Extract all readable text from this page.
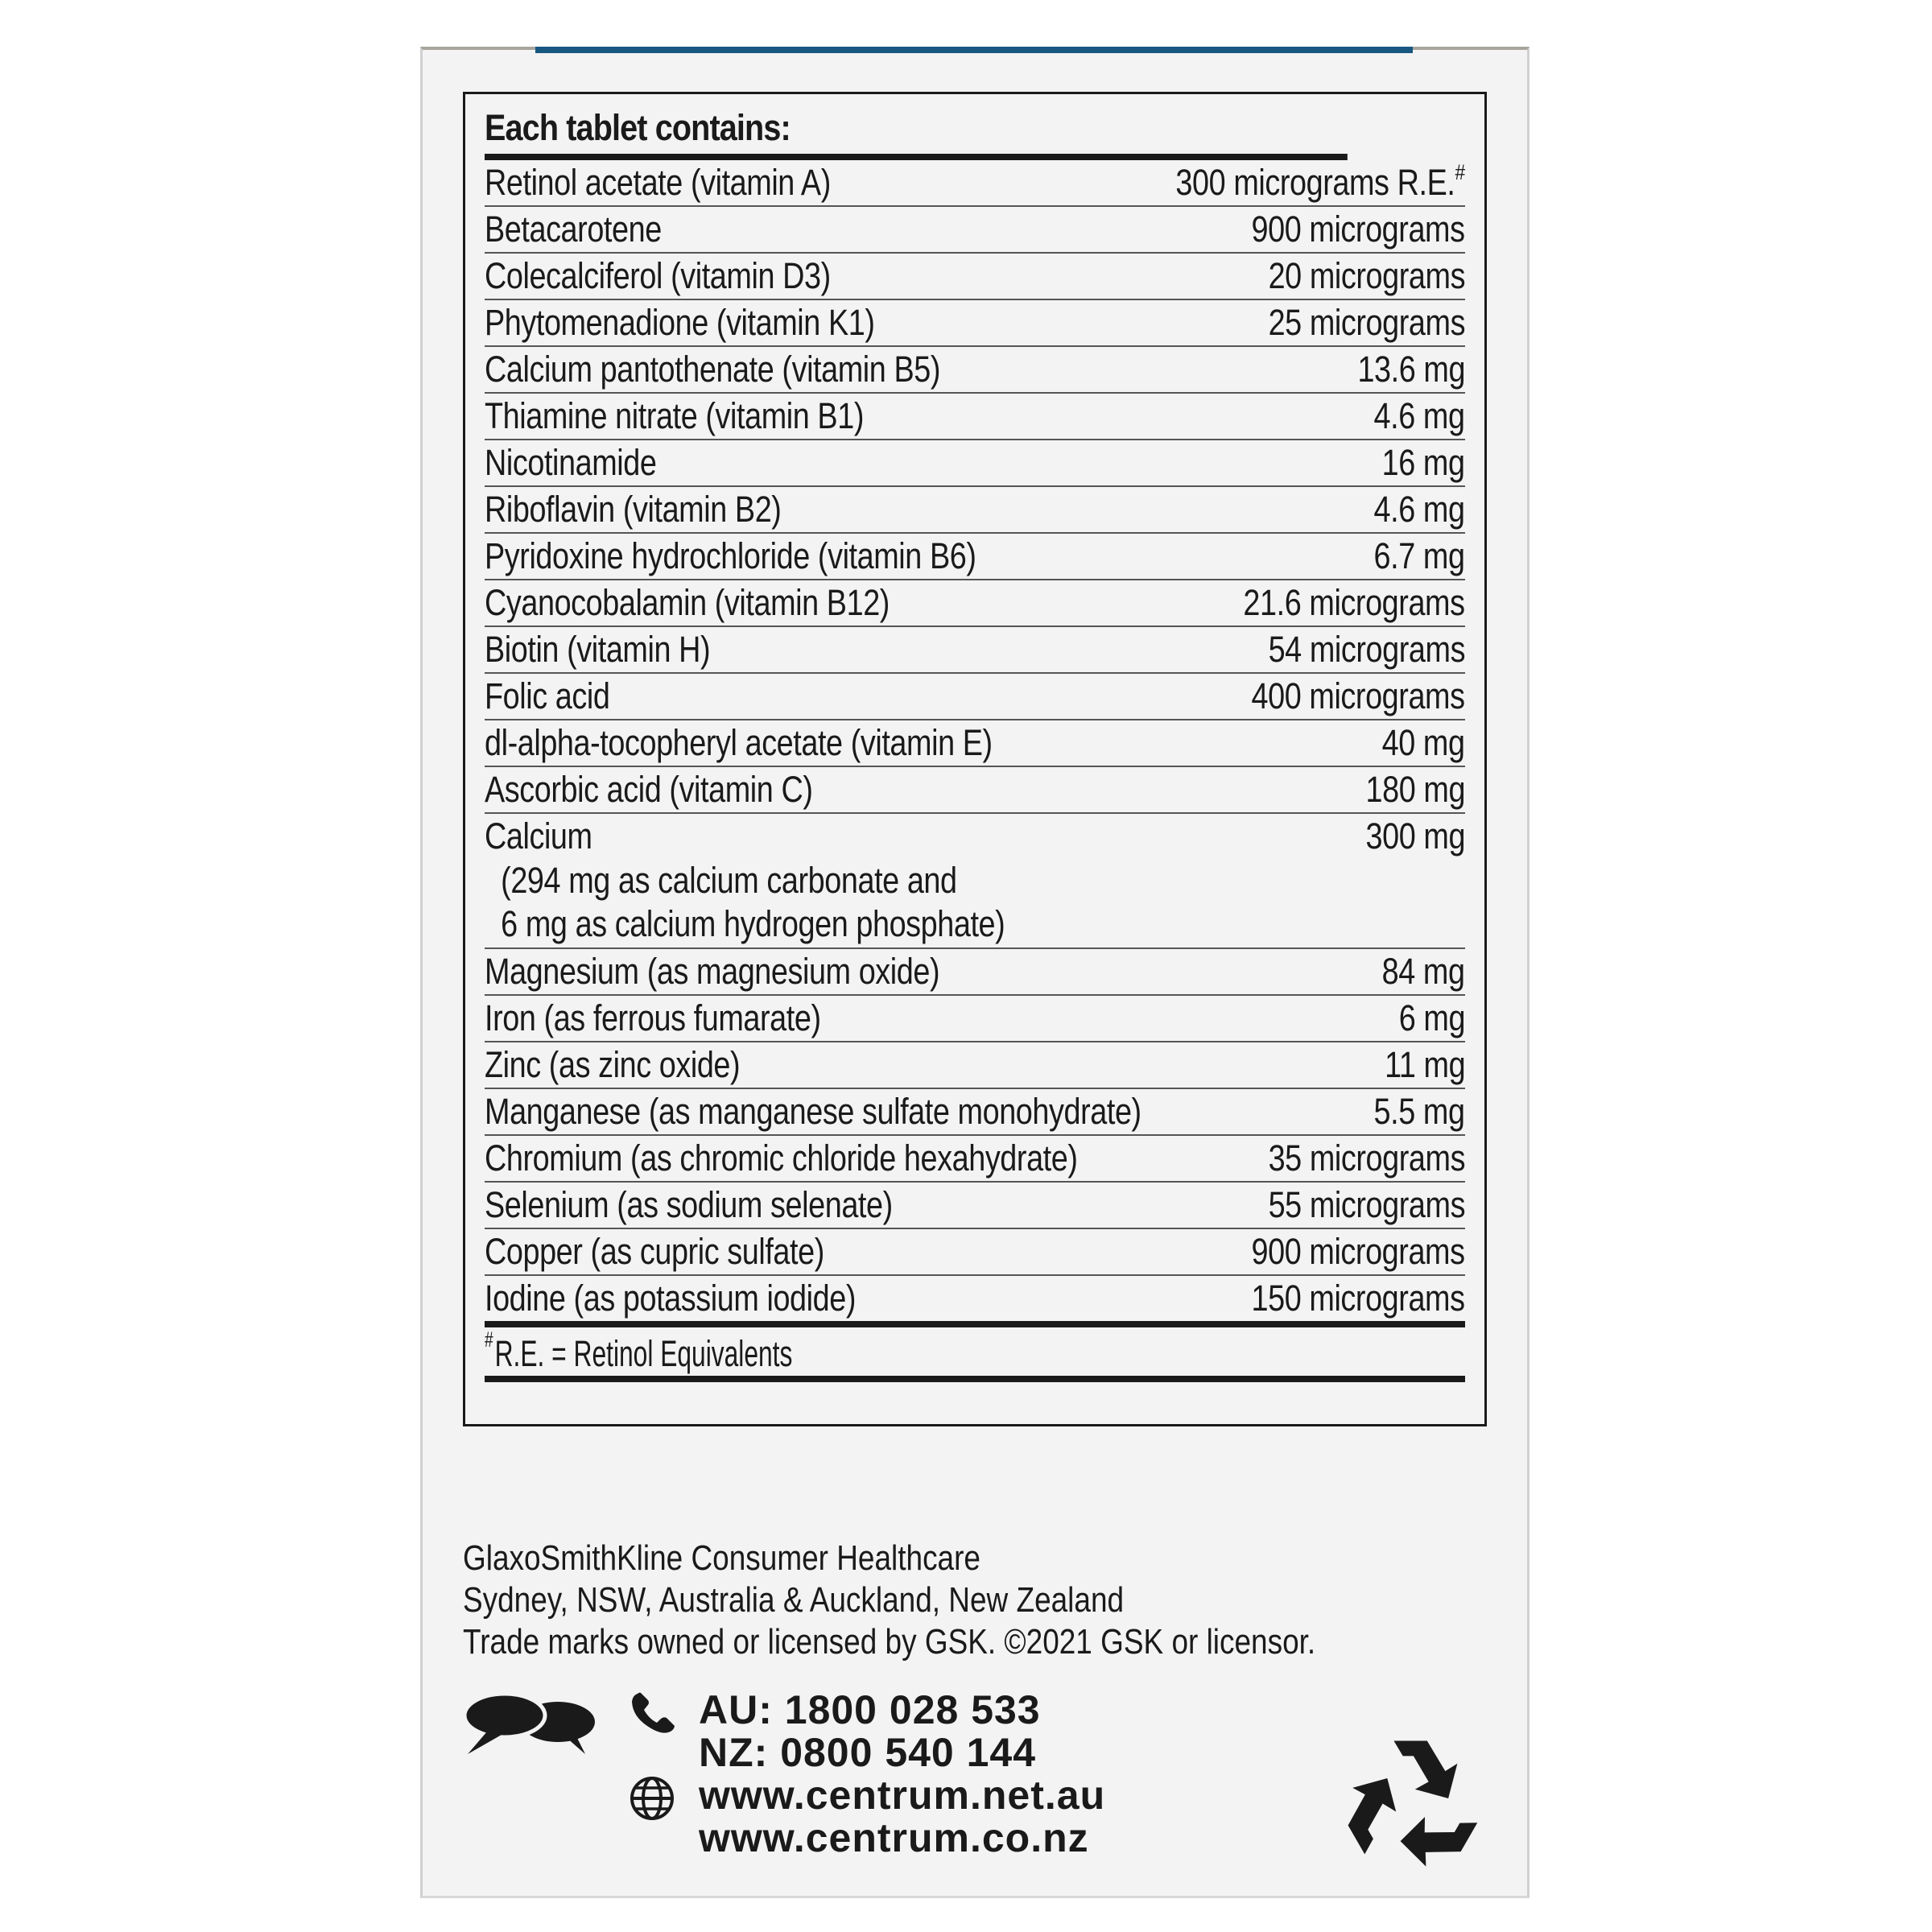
Each tablet contains:
Retinol acetate (vitamin A)	300 micrograms R.E.#
Betacarotene	900 micrograms
Colecalciferol (vitamin D3)	20 micrograms
Phytomenadione (vitamin K1)	25 micrograms
Calcium pantothenate (vitamin B5)	13.6 mg
Thiamine nitrate (vitamin B1)	4.6 mg
Nicotinamide	16 mg
Riboflavin (vitamin B2)	4.6 mg
Pyridoxine hydrochloride (vitamin B6)	6.7 mg
Cyanocobalamin (vitamin B12)	21.6 micrograms
Biotin (vitamin H)	54 micrograms
Folic acid	400 micrograms
dl-alpha-tocopheryl acetate (vitamin E)	40 mg
Ascorbic acid (vitamin C)	180 mg
Calcium	300 mg
(294 mg as calcium carbonate and
6 mg as calcium hydrogen phosphate)
Magnesium (as magnesium oxide)	84 mg
Iron (as ferrous fumarate)	6 mg
Zinc (as zinc oxide)	11 mg
Manganese (as manganese sulfate monohydrate)	5.5 mg
Chromium (as chromic chloride hexahydrate)	35 micrograms
Selenium (as sodium selenate)	55 micrograms
Copper (as cupric sulfate)	900 micrograms
Iodine (as potassium iodide)	150 micrograms
#R.E. = Retinol Equivalents
GlaxoSmithKline Consumer Healthcare
Sydney, NSW, Australia & Auckland, New Zealand
Trade marks owned or licensed by GSK. ©2021 GSK or licensor.
AU: 1800 028 533
NZ: 0800 540 144
www.centrum.net.au
www.centrum.co.nz
